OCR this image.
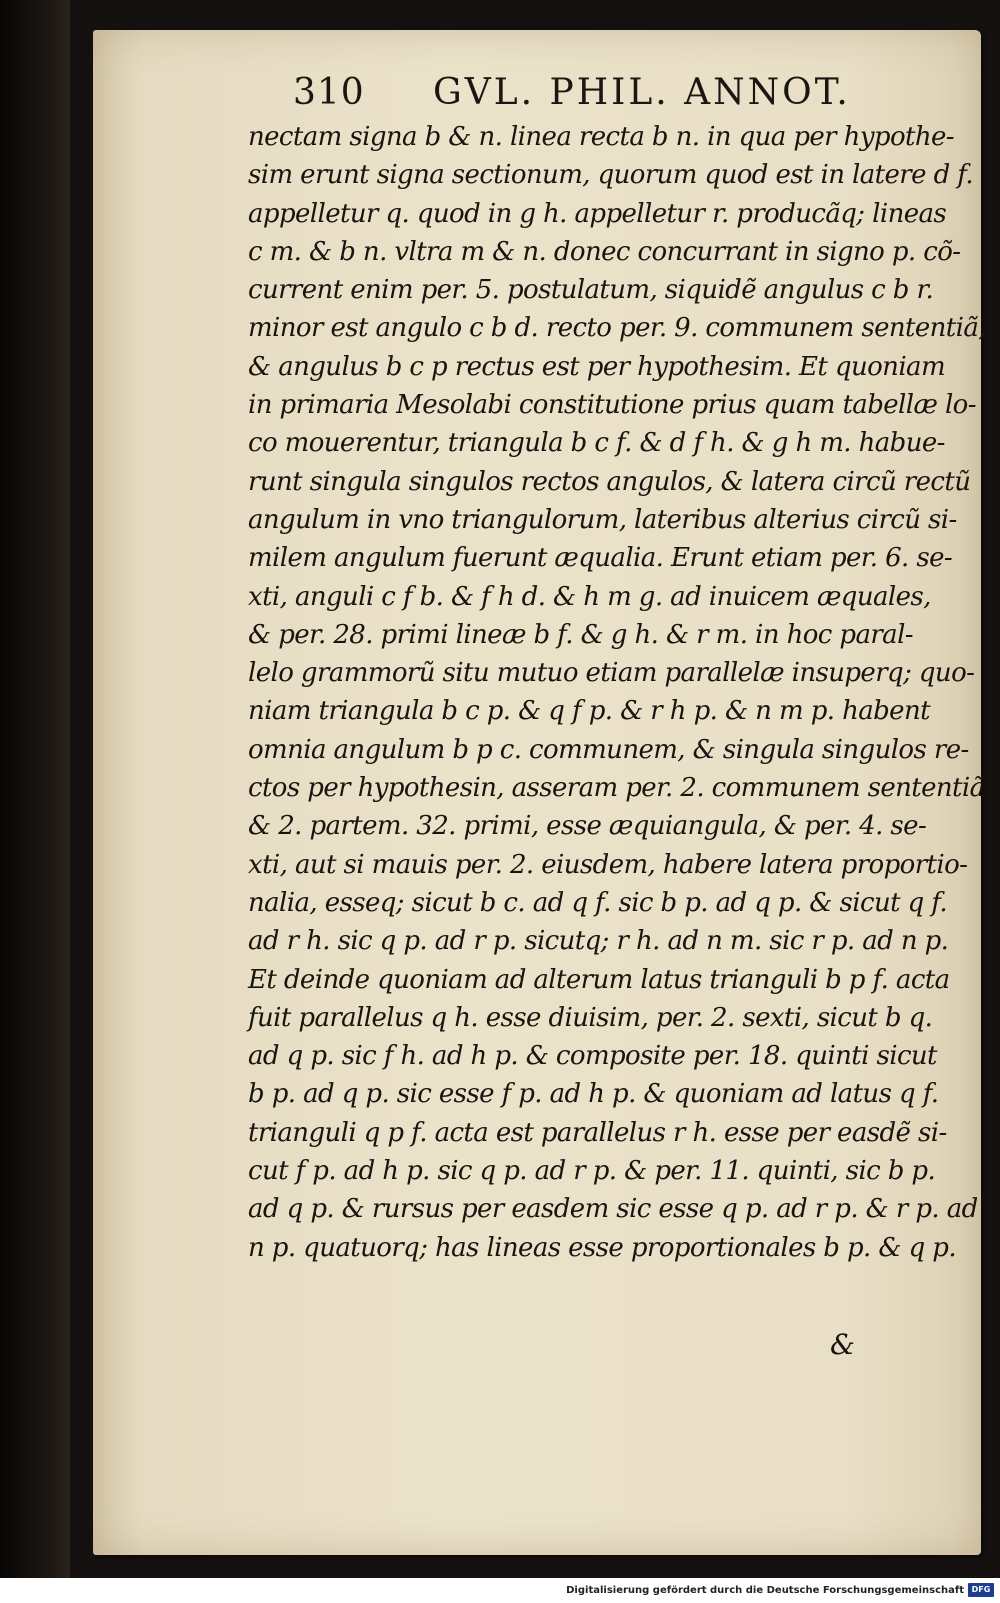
310 GVL. PHIL. ANNOT.
nectam signa b & n. linea recta b n. in qua per hypothe-
sim erunt signa sectionum, quorum quod est in latere d f.
appelletur q. quod in g h. appelletur r. producãq; lineas
c m. & b n. vltra m & n. donec concurrant in signo p. cõ-
current enim per. 5. postulatum, siquidẽ angulus c b r.
minor est angulo c b d. recto per. 9. communem sententiã,
& angulus b c p rectus est per hypothesim. Et quoniam
in primaria Mesolabi constitutione prius quam tabellæ lo-
co mouerentur, triangula b c f. & d f h. & g h m. habue-
runt singula singulos rectos angulos, & latera circũ rectũ
angulum in vno triangulorum, lateribus alterius circũ si-
milem angulum fuerunt æqualia. Erunt etiam per. 6. se-
xti, anguli c f b. & f h d. & h m g. ad inuicem æquales,
& per. 28. primi lineæ b f. & g h. & r m. in hoc paral-
lelo grammorũ situ mutuo etiam parallelæ insuperq; quo-
niam triangula b c p. & q f p. & r h p. & n m p. habent
omnia angulum b p c. communem, & singula singulos re-
ctos per hypothesin, asseram per. 2. communem sententiã
& 2. partem. 32. primi, esse æquiangula, & per. 4. se-
xti, aut si mauis per. 2. eiusdem, habere latera proportio-
nalia, esseq; sicut b c. ad q f. sic b p. ad q p. & sicut q f.
ad r h. sic q p. ad r p. sicutq; r h. ad n m. sic r p. ad n p.
Et deinde quoniam ad alterum latus trianguli b p f. acta
fuit parallelus q h. esse diuisim, per. 2. sexti, sicut b q.
ad q p. sic f h. ad h p. & composite per. 18. quinti sicut
b p. ad q p. sic esse f p. ad h p. & quoniam ad latus q f.
trianguli q p f. acta est parallelus r h. esse per easdẽ si-
cut f p. ad h p. sic q p. ad r p. & per. 11. quinti, sic b p.
ad q p. & rursus per easdem sic esse q p. ad r p. & r p. ad
n p. quatuorq; has lineas esse proportionales b p. & q p.
&
Digitalisierung gefördert durch die Deutsche Forschungsgemeinschaft DFG
